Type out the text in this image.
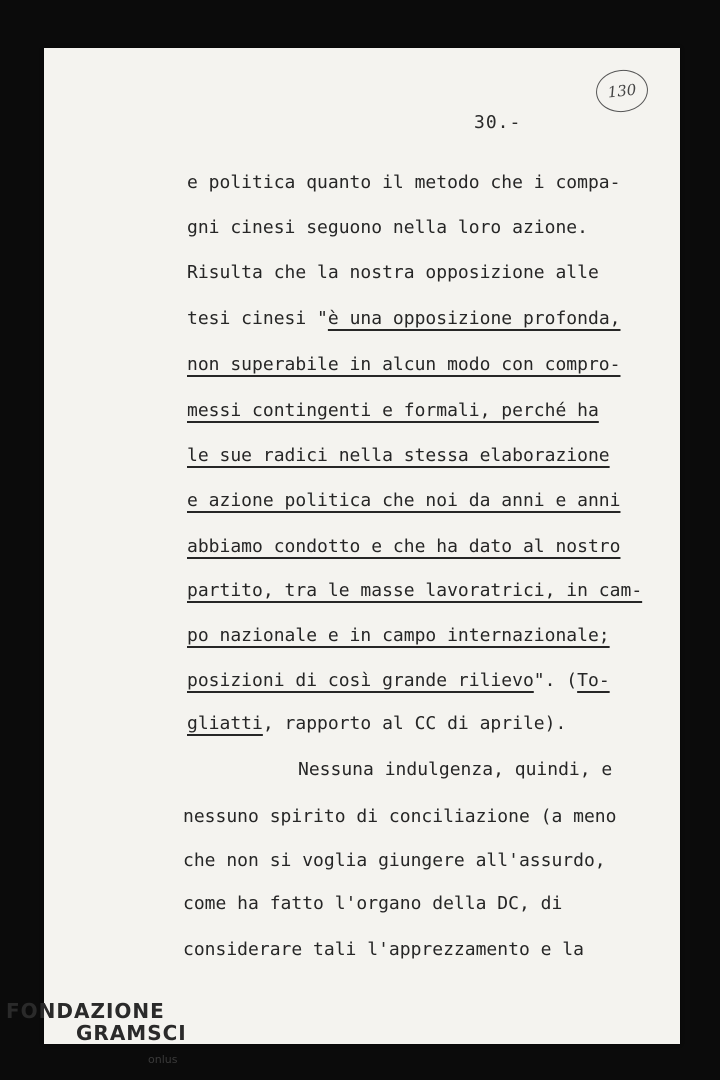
130
30.-
e politica quanto il metodo che i compa-
gni cinesi seguono nella loro azione.
Risulta che la nostra opposizione alle
tesi cinesi "è una opposizione profonda,
non superabile in alcun modo con compro-
messi contingenti e formali, perché ha
le sue radici nella stessa elaborazione
e azione politica che noi da anni e anni
abbiamo condotto e che ha dato al nostro
partito, tra le masse lavoratrici, in cam-
po nazionale e in campo internazionale;
posizioni di così grande rilievo". (To-
gliatti, rapporto al CC di aprile).
Nessuna indulgenza, quindi, e
nessuno spirito di conciliazione (a meno
che non si voglia giungere all'assurdo,
come ha fatto l'organo della DC, di
considerare tali l'apprezzamento e la
FONDAZIONE
GRAMSCI
onlus
